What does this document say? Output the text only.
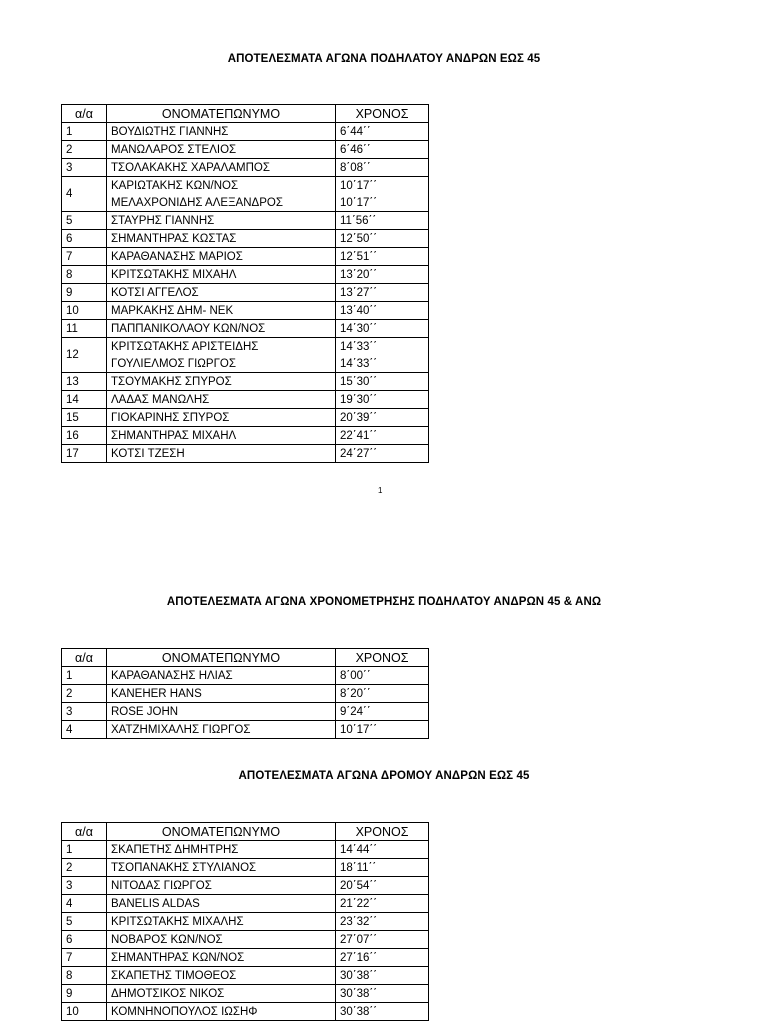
ΑΠΟΤΕΛΕΣΜΑΤΑ ΑΓΩΝΑ ΠΟΔΗΛΑΤΟΥ ΑΝΔΡΩΝ ΕΩΣ 45
α/α	ΟΝΟΜΑΤΕΠΩΝΥΜΟ	ΧΡΟΝΟΣ
1	ΒΟΥΔΙΩΤΗΣ ΓΙΑΝΝΗΣ	6΄44΄΄
2	ΜΑΝΩΛΑΡΟΣ ΣΤΕΛΙΟΣ	6΄46΄΄
3	ΤΣΟΛΑΚΑΚΗΣ ΧΑΡΑΛΑΜΠΟΣ	8΄08΄΄
4	ΚΑΡΙΩΤΑΚΗΣ ΚΩΝ/ΝΟΣ	10΄17΄΄
	ΜΕΛΑΧΡΟΝΙΔΗΣ ΑΛΕΞΑΝΔΡΟΣ	10΄17΄΄
5	ΣΤΑΥΡΗΣ ΓΙΑΝΝΗΣ	11΄56΄΄
6	ΣΗΜΑΝΤΗΡΑΣ ΚΩΣΤΑΣ	12΄50΄΄
7	ΚΑΡΑΘΑΝΑΣΗΣ ΜΑΡΙΟΣ	12΄51΄΄
8	ΚΡΙΤΣΩΤΑΚΗΣ ΜΙΧΑΗΛ	13΄20΄΄
9	ΚΟΤΣΙ ΑΓΓΕΛΟΣ	13΄27΄΄
10	ΜΑΡΚΑΚΗΣ ΔΗΜ- ΝΕΚ	13΄40΄΄
11	ΠΑΠΠΑΝΙΚΟΛΑΟΥ ΚΩΝ/ΝΟΣ	14΄30΄΄
12	ΚΡΙΤΣΩΤΑΚΗΣ ΑΡΙΣΤΕΙΔΗΣ	14΄33΄΄
	ΓΟΥΛΙΕΛΜΟΣ ΓΙΩΡΓΟΣ	14΄33΄΄
13	ΤΣΟΥΜΑΚΗΣ ΣΠΥΡΟΣ	15΄30΄΄
14	ΛΑΔΑΣ ΜΑΝΩΛΗΣ	19΄30΄΄
15	ΓΙΟΚΑΡΙΝΗΣ ΣΠΥΡΟΣ	20΄39΄΄
16	ΣΗΜΑΝΤΗΡΑΣ ΜΙΧΑΗΛ	22΄41΄΄
17	ΚΟΤΣΙ ΤΖΕΣΗ	24΄27΄΄
1
ΑΠΟΤΕΛΕΣΜΑΤΑ ΑΓΩΝΑ ΧΡΟΝΟΜΕΤΡΗΣΗΣ ΠΟΔΗΛΑΤΟΥ ΑΝΔΡΩΝ 45 & ΑΝΩ
α/α	ΟΝΟΜΑΤΕΠΩΝΥΜΟ	ΧΡΟΝΟΣ
1	ΚΑΡΑΘΑΝΑΣΗΣ ΗΛΙΑΣ	8΄00΄΄
2	KANEHER HANS	8΄20΄΄
3	ROSE JOHN	9΄24΄΄
4	ΧΑΤΖΗΜΙΧΑΛΗΣ ΓΙΩΡΓΟΣ	10΄17΄΄
ΑΠΟΤΕΛΕΣΜΑΤΑ ΑΓΩΝΑ ΔΡΟΜΟΥ ΑΝΔΡΩΝ ΕΩΣ 45
α/α	ΟΝΟΜΑΤΕΠΩΝΥΜΟ	ΧΡΟΝΟΣ
1	ΣΚΑΠΕΤΗΣ ΔΗΜΗΤΡΗΣ	14΄44΄΄
2	ΤΣΟΠΑΝΑΚΗΣ ΣΤΥΛΙΑΝΟΣ	18΄11΄΄
3	ΝΙΤΟΔΑΣ ΓΙΩΡΓΟΣ	20΄54΄΄
4	BANELIS ALDAS	21΄22΄΄
5	ΚΡΙΤΣΩΤΑΚΗΣ ΜΙΧΑΛΗΣ	23΄32΄΄
6	ΝΟΒΑΡΟΣ ΚΩΝ/ΝΟΣ	27΄07΄΄
7	ΣΗΜΑΝΤΗΡΑΣ ΚΩΝ/ΝΟΣ	27΄16΄΄
8	ΣΚΑΠΕΤΗΣ ΤΙΜΟΘΕΟΣ	30΄38΄΄
9	ΔΗΜΟΤΣΙΚΟΣ ΝΙΚΟΣ	30΄38΄΄
10	ΚΟΜΝΗΝΟΠΟΥΛΟΣ ΙΩΣΗΦ	30΄38΄΄
